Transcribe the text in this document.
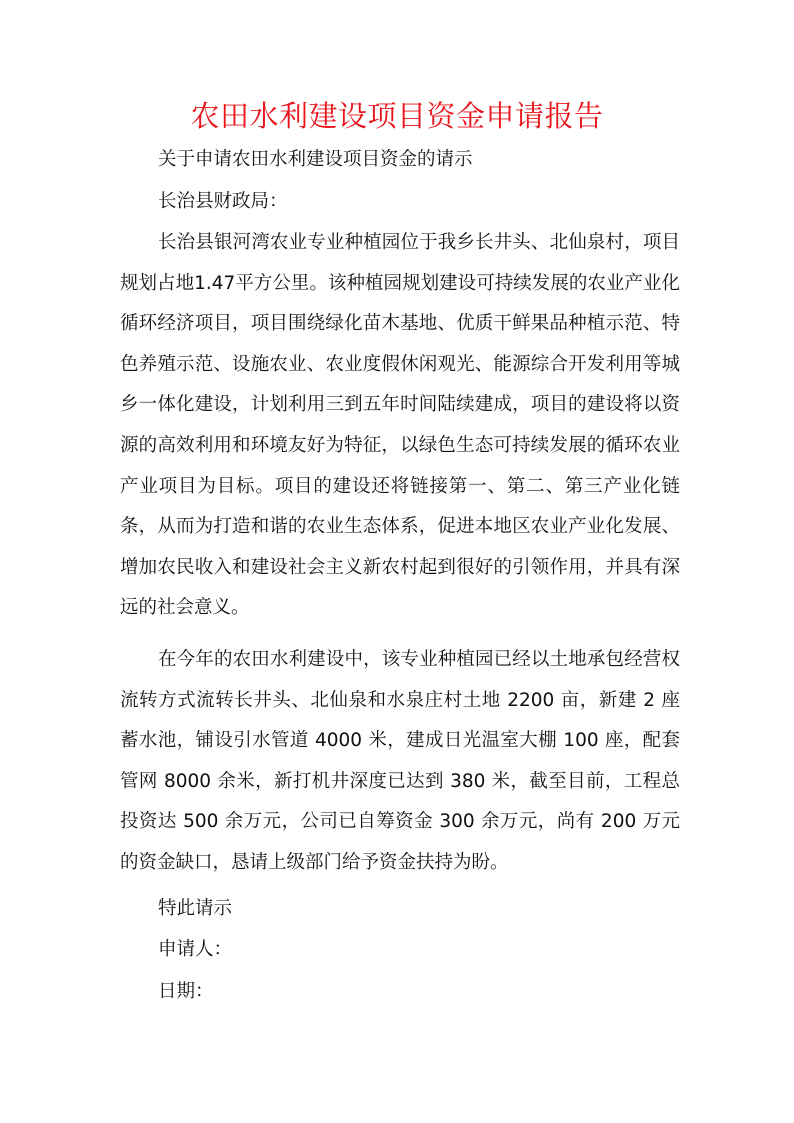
农田水利建设项目资金申请报告
关于申请农田水利建设项目资金的请示
长治县财政局：

长治县银河湾农业专业种植园位于我乡长井头、北仙泉村，项目规划占地1.47平方公里。该种植园规划建设可持续发展的农业产业化循环经济项目，项目围绕绿化苗木基地、优质干鲜果品种植示范、特色养殖示范、设施农业、农业度假休闲观光、能源综合开发利用等城乡一体化建设，计划利用三到五年时间陆续建成，项目的建设将以资源的高效利用和环境友好为特征，以绿色生态可持续发展的循环农业产业项目为目标。项目的建设还将链接第一、第二、第三产业化链条，从而为打造和谐的农业生态体系，促进本地区农业产业化发展、增加农民收入和建设社会主义新农村起到很好的引领作用，并具有深远的社会意义。

在今年的农田水利建设中，该专业种植园已经以土地承包经营权流转方式流转长井头、北仙泉和水泉庄村土地 2200 亩，新建 2 座蓄水池，铺设引水管道 4000 米，建成日光温室大棚 100 座，配套管网 8000 余米，新打机井深度已达到 380 米，截至目前，工程总投资达 500 余万元，公司已自筹资金 300 余万元，尚有 200 万元的资金缺口，恳请上级部门给予资金扶持为盼。

特此请示
申请人：
日期：
